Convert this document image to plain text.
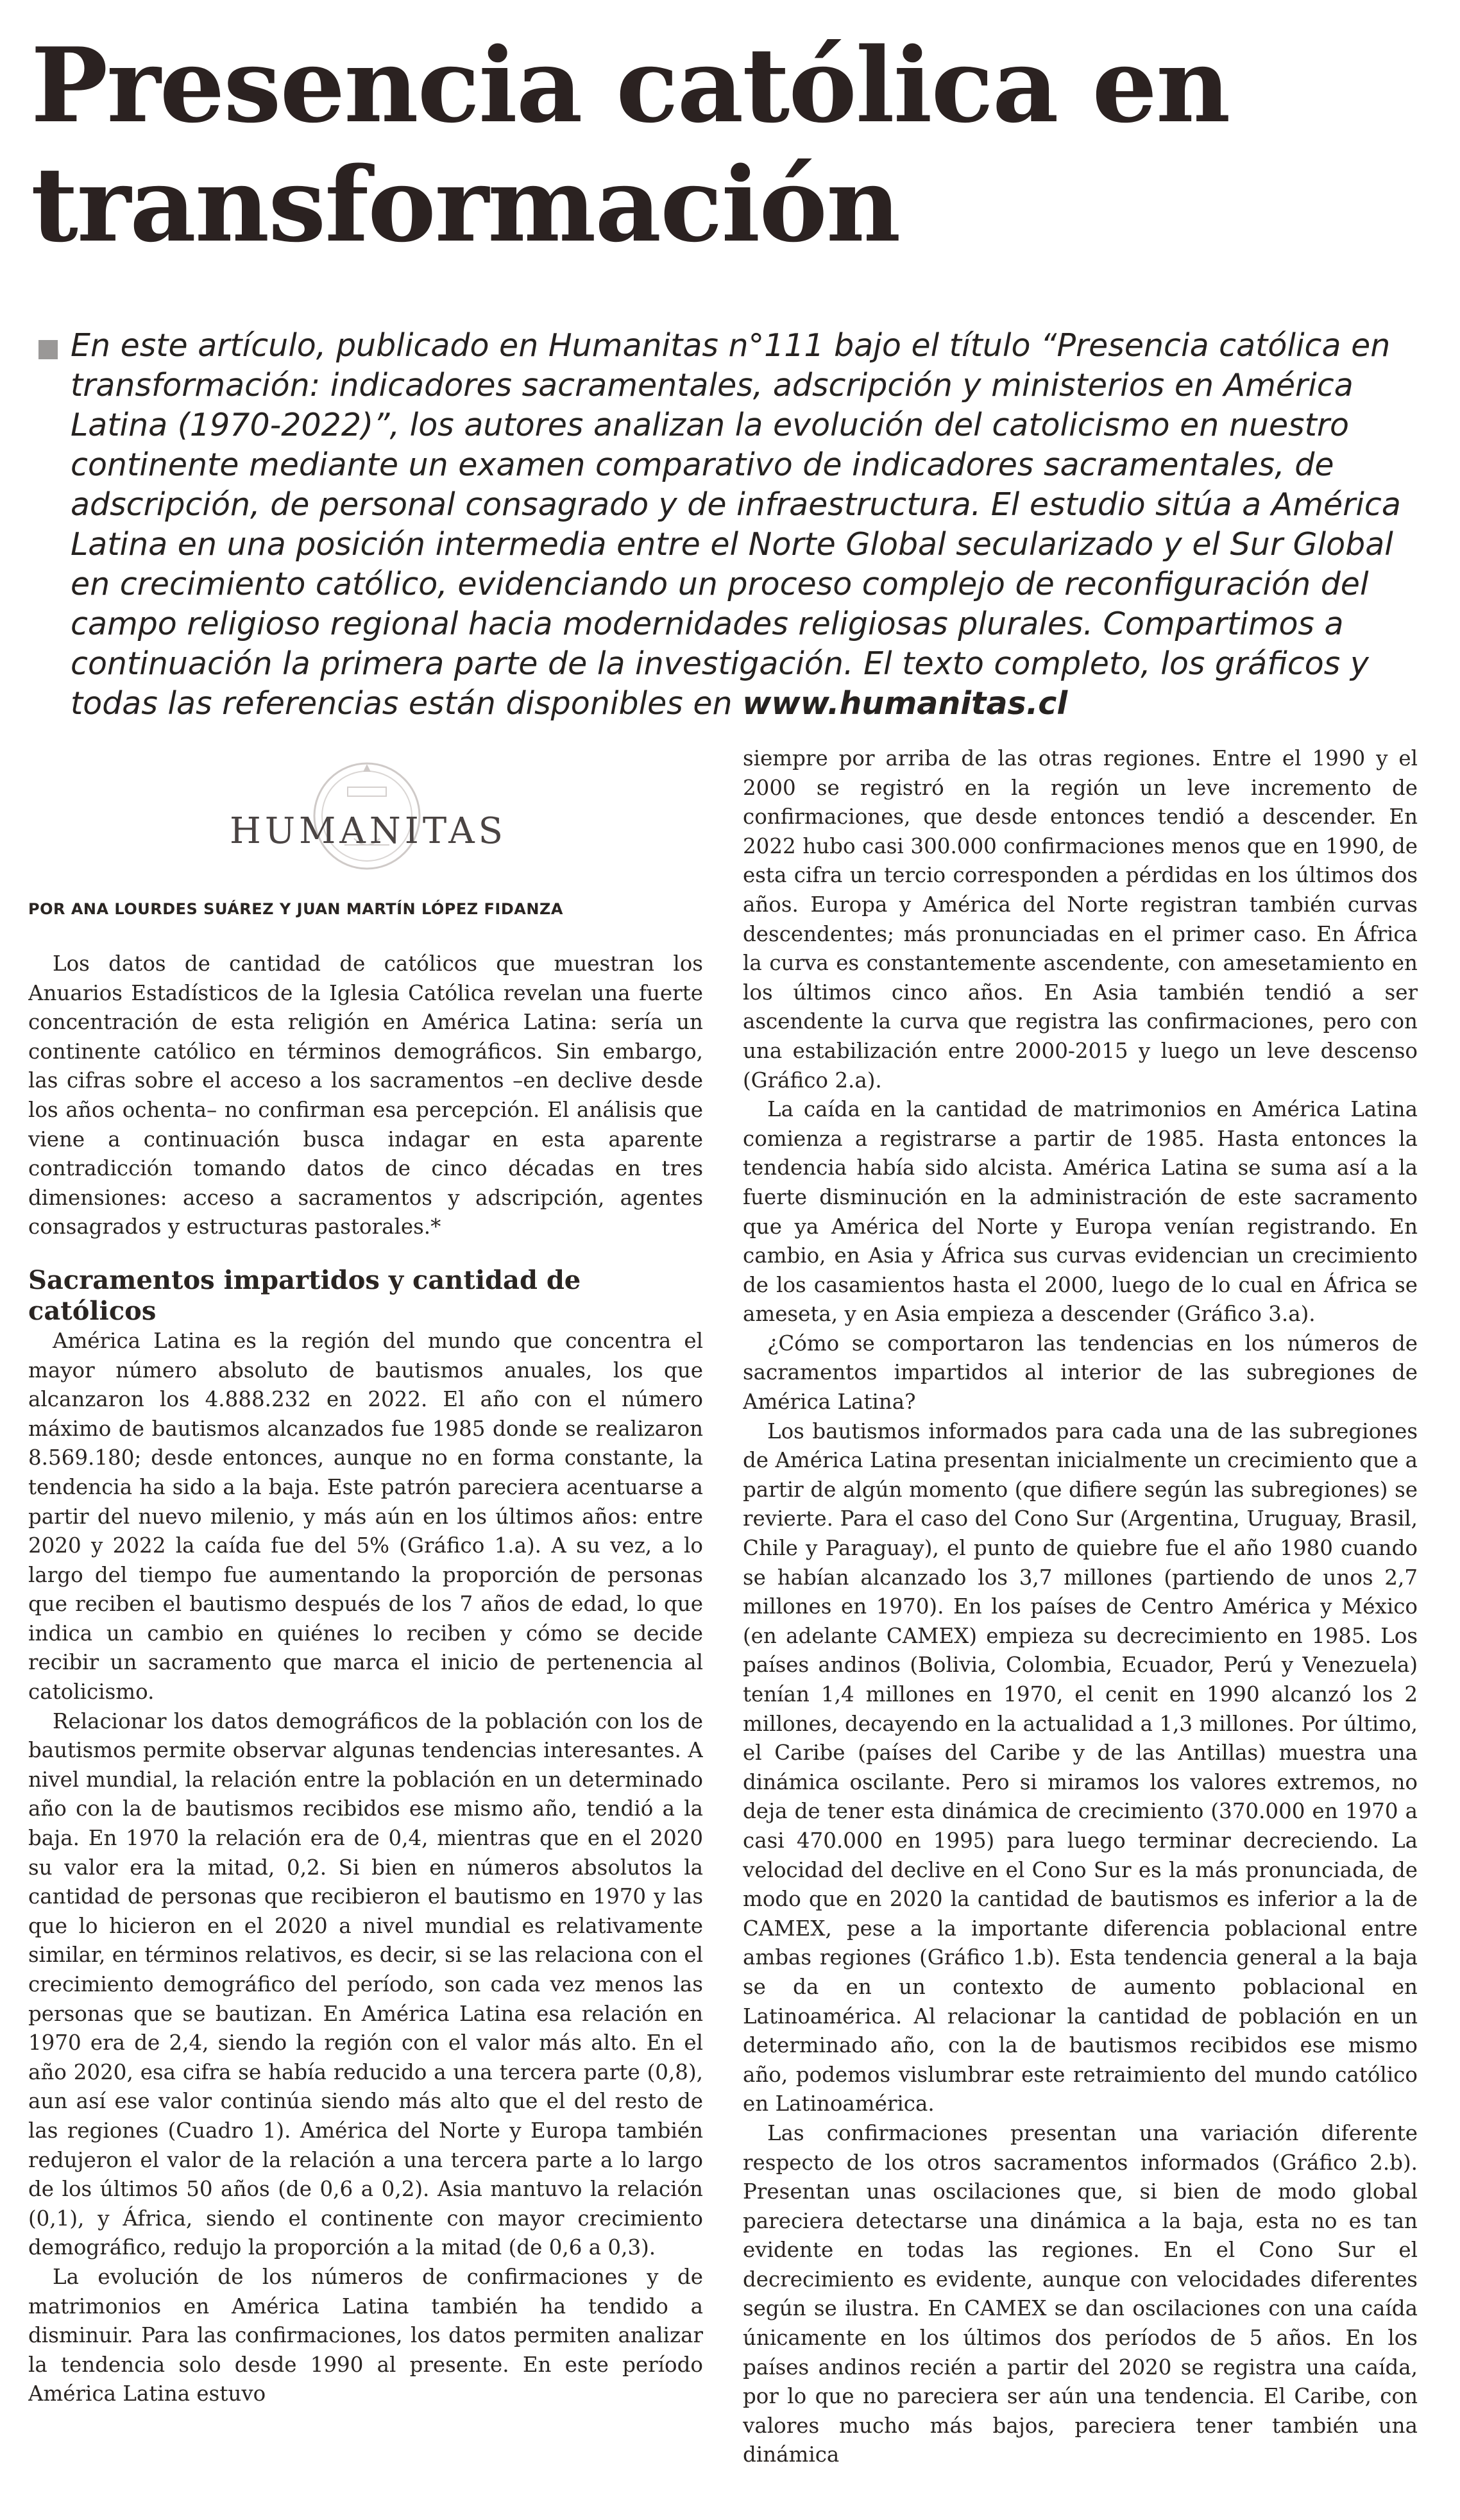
Presencia católica en transformación

En este artículo, publicado en Humanitas n°111 bajo el título “Presencia católica en transformación: indicadores sacramentales, adscripción y ministerios en América Latina (1970-2022)”, los autores analizan la evolución del catolicismo en nuestro continente mediante un examen comparativo de indicadores sacramentales, de adscripción, de personal consagrado y de infraestructura. El estudio sitúa a América Latina en una posición intermedia entre el Norte Global secularizado y el Sur Global en crecimiento católico, evidenciando un proceso complejo de reconfiguración del campo religioso regional hacia modernidades religiosas plurales. Compartimos a continuación la primera parte de la investigación. El texto completo, los gráficos y todas las referencias están disponibles en www.humanitas.cl

HUMANITAS

POR ANA LOURDES SUÁREZ Y JUAN MARTÍN LÓPEZ FIDANZA

Los datos de cantidad de católicos que muestran los Anuarios Estadísticos de la Iglesia Católica revelan una fuerte concentración de esta religión en América Latina: sería un continente católico en términos demográficos. Sin embargo, las cifras sobre el acceso a los sacramentos –en declive desde los años ochenta– no confirman esa percepción. El análisis que viene a continuación busca indagar en esta aparente contradicción tomando datos de cinco décadas en tres dimensiones: acceso a sacramentos y adscripción, agentes consagrados y estructuras pastorales.*

Sacramentos impartidos y cantidad de católicos

América Latina es la región del mundo que concentra el mayor número absoluto de bautismos anuales, los que alcanzaron los 4.888.232 en 2022. El año con el número máximo de bautismos alcanzados fue 1985 donde se realizaron 8.569.180; desde entonces, aunque no en forma constante, la tendencia ha sido a la baja. Este patrón pareciera acentuarse a partir del nuevo milenio, y más aún en los últimos años: entre 2020 y 2022 la caída fue del 5% (Gráfico 1.a). A su vez, a lo largo del tiempo fue aumentando la proporción de personas que reciben el bautismo después de los 7 años de edad, lo que indica un cambio en quiénes lo reciben y cómo se decide recibir un sacramento que marca el inicio de pertenencia al catolicismo.

Relacionar los datos demográficos de la población con los de bautismos permite observar algunas tendencias interesantes. A nivel mundial, la relación entre la población en un determinado año con la de bautismos recibidos ese mismo año, tendió a la baja. En 1970 la relación era de 0,4, mientras que en el 2020 su valor era la mitad, 0,2. Si bien en números absolutos la cantidad de personas que recibieron el bautismo en 1970 y las que lo hicieron en el 2020 a nivel mundial es relativamente similar, en términos relativos, es decir, si se las relaciona con el crecimiento demográfico del período, son cada vez menos las personas que se bautizan. En América Latina esa relación en 1970 era de 2,4, siendo la región con el valor más alto. En el año 2020, esa cifra se había reducido a una tercera parte (0,8), aun así ese valor continúa siendo más alto que el del resto de las regiones (Cuadro 1). América del Norte y Europa también redujeron el valor de la relación a una tercera parte a lo largo de los últimos 50 años (de 0,6 a 0,2). Asia mantuvo la relación (0,1), y África, siendo el continente con mayor crecimiento demográfico, redujo la proporción a la mitad (de 0,6 a 0,3).

La evolución de los números de confirmaciones y de matrimonios en América Latina también ha tendido a disminuir. Para las confirmaciones, los datos permiten analizar la tendencia solo desde 1990 al presente. En este período América Latina estuvo

siempre por arriba de las otras regiones. Entre el 1990 y el 2000 se registró en la región un leve incremento de confirmaciones, que desde entonces tendió a descender. En 2022 hubo casi 300.000 confirmaciones menos que en 1990, de esta cifra un tercio corresponden a pérdidas en los últimos dos años. Europa y América del Norte registran también curvas descendentes; más pronunciadas en el primer caso. En África la curva es constantemente ascendente, con amesetamiento en los últimos cinco años. En Asia también tendió a ser ascendente la curva que registra las confirmaciones, pero con una estabilización entre 2000-2015 y luego un leve descenso (Gráfico 2.a).

La caída en la cantidad de matrimonios en América Latina comienza a registrarse a partir de 1985. Hasta entonces la tendencia había sido alcista. América Latina se suma así a la fuerte disminución en la administración de este sacramento que ya América del Norte y Europa venían registrando. En cambio, en Asia y África sus curvas evidencian un crecimiento de los casamientos hasta el 2000, luego de lo cual en África se ameseta, y en Asia empieza a descender (Gráfico 3.a).

¿Cómo se comportaron las tendencias en los números de sacramentos impartidos al interior de las subregiones de América Latina?

Los bautismos informados para cada una de las subregiones de América Latina presentan inicialmente un crecimiento que a partir de algún momento (que difiere según las subregiones) se revierte. Para el caso del Cono Sur (Argentina, Uruguay, Brasil, Chile y Paraguay), el punto de quiebre fue el año 1980 cuando se habían alcanzado los 3,7 millones (partiendo de unos 2,7 millones en 1970). En los países de Centro América y México (en adelante CAMEX) empieza su decrecimiento en 1985. Los países andinos (Bolivia, Colombia, Ecuador, Perú y Venezuela) tenían 1,4 millones en 1970, el cenit en 1990 alcanzó los 2 millones, decayendo en la actualidad a 1,3 millones. Por último, el Caribe (países del Caribe y de las Antillas) muestra una dinámica oscilante. Pero si miramos los valores extremos, no deja de tener esta dinámica de crecimiento (370.000 en 1970 a casi 470.000 en 1995) para luego terminar decreciendo. La velocidad del declive en el Cono Sur es la más pronunciada, de modo que en 2020 la cantidad de bautismos es inferior a la de CAMEX, pese a la importante diferencia poblacional entre ambas regiones (Gráfico 1.b). Esta tendencia general a la baja se da en un contexto de aumento poblacional en Latinoamérica. Al relacionar la cantidad de población en un determinado año, con la de bautismos recibidos ese mismo año, podemos vislumbrar este retraimiento del mundo católico en Latinoamérica.

Las confirmaciones presentan una variación diferente respecto de los otros sacramentos informados (Gráfico 2.b). Presentan unas oscilaciones que, si bien de modo global pareciera detectarse una dinámica a la baja, esta no es tan evidente en todas las regiones. En el Cono Sur el decrecimiento es evidente, aunque con velocidades diferentes según se ilustra. En CAMEX se dan oscilaciones con una caída únicamente en los últimos dos períodos de 5 años. En los países andinos recién a partir del 2020 se registra una caída, por lo que no pareciera ser aún una tendencia. El Caribe, con valores mucho más bajos, pareciera tener también una dinámica
